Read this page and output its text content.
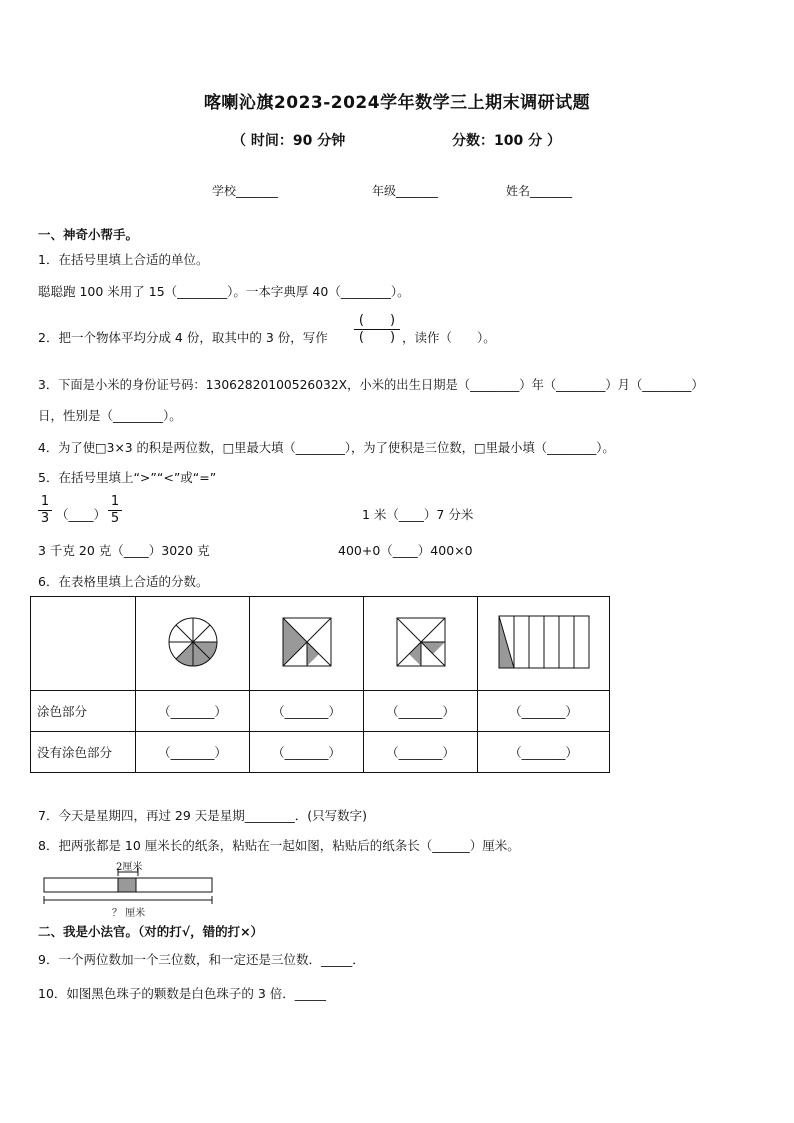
喀喇沁旗2023-2024学年数学三上期末调研试题
（ 时间：90 分钟	分数：100 分 ）
学校_______	年级_______	姓名_______
一、神奇小帮手。
1．在括号里填上合适的单位。
聪聪跑 100 米用了 15（________）。一本字典厚 40（________）。
2．把一个物体平均分成 4 份，取其中的 3 份，写作
(　　)
(　　) ，读作（　　）。
3．下面是小米的身份证号码：130628201005260​32X，小米的出生日期是（________）年（________）月（________）
日，性别是（________）。
4．为了使□3×3 的积是两位数，□里最大填（________），为了使积是三位数，□里最小填（________）。
5．在括号里填上“>”“<”或“=”
$\frac{1}{3}$ （____） $\frac{1}{5}$	1 米（____）7 分米
3 千克 20 克（____）3020 克	400+0（____）400×0
6．在表格里填上合适的分数。

涂色部分	（_______）	（_______）	（_______）	（_______）
没有涂色部分	（_______）	（_______）	（_______）	（_______）
7．今天是星期四，再过 29 天是星期________．(只写数字)
8．把两张都是 10 厘米长的纸条，粘贴在一起如图，粘贴后的纸条长（______）厘米。
2厘米
？ 厘米
二、我是小法官。（对的打√，错的打×）
9．一个两位数加一个三位数，和一定还是三位数．_____．
10．如图黑色珠子的颗数是白色珠子的 3 倍．_____
